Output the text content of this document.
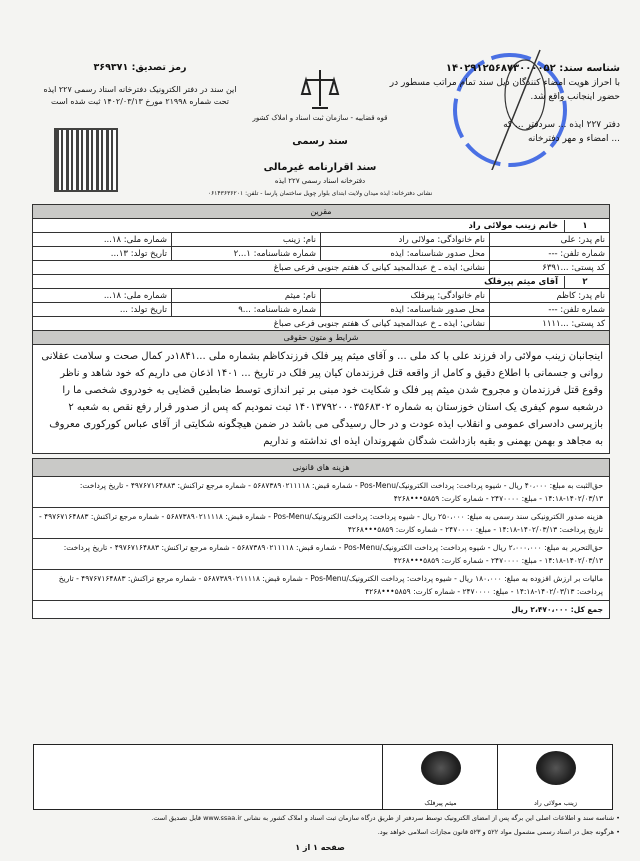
شناسه سند: ۱۴۰۲۹۱۲۵۶۸۷۳۰۰۰۰۵۲
با احراز هویت امضاء کنندگان ذیل سند تمام مراتب مسطور در حضور اینجانب واقع شد.
دفتر ۲۲۷ ایذه ... سردفتر ... که
... امضاء و مهر دفترخانه
رمز تصدیق: ۳۶۹۳۷۱
این سند در دفتر الکترونیک دفترخانه اسناد رسمی ۲۲۷ ایذه تحت شماره ۲۱۹۹۸ مورخ ۱۴۰۲/۰۳/۱۳ ثبت شده است
قوه قضاییه - سازمان ثبت اسناد و املاک کشور
سند رسمی
سند اقرارنامه غیرمالی
دفترخانه اسناد رسمی ۲۲۷ ایذه
نشانی دفترخانه: ایذه میدان ولایت ابتدای بلوار چویل ساختمان پارسا - تلفن: ۰۶۱۴۳۶۳۶۲۰۱
مقرین			
۱خانم زینب مولائی راد			
شماره ملی: ۱۸...	نام: زینب	نام خانوادگی: مولائی راد	نام پدر: علی
تاریخ تولد: ۱۳...	شماره شناسنامه: ۱...۲	محل صدور شناسنامه: ایذه	شماره تلفن: ---
نشانی: ایذه ـ خ عبدالمجید کیانی ک هفتم جنوبی فرعی صباغ			کد پستی: ...۶۳۹۱
۲آقای میثم پیرفلک			
شماره ملی: ۱۸...	نام: میثم	نام خانوادگی: پیرفلک	نام پدر: کاظم
تاریخ تولد: ...	شماره شناسنامه: ...۹	محل صدور شناسنامه: ایذه	شماره تلفن: ---
نشانی: ایذه ـ خ عبدالمجید کیانی ک هفتم جنوبی فرعی صباغ			کد پستی: ...۱۱۱۱
شرایط و متون حقوقی			
اینجانبان زینب مولائی راد فرزند علی با کد ملی ... و آقای میثم پیر فلک فرزندکاظم بشماره ملی ...۱۸۴۱در کمال صحت و سلامت عقلانی روانی و جسمانی با اطلاع دقیق و کامل از واقعه قتل فرزندمان کیان پیر فلک در تاریخ ... ۱۴۰۱ اذعان می داریم که خود شاهد و ناظر وقوع قتل فرزندمان و مجروح شدن میثم پیر فلک و شکایت خود مبنی بر تیر اندازی توسط ضابطین قضایی به خودروی شخصی ما را درشعبه سوم کیفری یک استان خوزستان به شماره ۱۴۰۱۳۷۹۲۰۰۰۳۵۶۸۳۰۲ ثبت نمودیم که پس از صدور قرار رفع نقص به شعبه ۲ بازپرسی دادسرای عمومی و انقلاب ایذه عودت و در حال رسیدگی می باشد در ضمن هیچگونه شکایتی از آقای عباس کورکوری معروف به مجاهد و بهمن بهمنی و بقیه بازداشت شدگان شهروندان ایذه ای نداشته و نداریم
هزینه های قانونی
حق‌الثبت به مبلغ: ۴۰،۰۰۰ ریال - شیوه پرداخت: پرداخت الکترونیک/Pos-Menu - شماره قبض: ۵۶۸۷۳۸۹۰۲۱۱۱۱۸ - شماره مرجع تراکنش: ۴۹۷۶۷۱۶۴۸۸۳ - تاریخ پرداخت: ۱۴۰۲/۰۳/۱۳-۱۴:۱۸ - مبلغ: ۲۴۷۰۰۰۰ - شماره کارت: ۵۸۵۹•••۴۲۶۸
هزینه صدور الکترونیکی سند رسمی به مبلغ: ۲۵۰،۰۰۰ ریال - شیوه پرداخت: پرداخت الکترونیک/Pos-Menu - شماره قبض: ۵۶۸۷۳۸۹۰۲۱۱۱۱۸ - شماره مرجع تراکنش: ۴۹۷۶۷۱۶۴۸۸۳ - تاریخ پرداخت: ۱۴۰۲/۰۳/۱۳-۱۴:۱۸ - مبلغ: ۲۴۷۰۰۰۰ - شماره کارت: ۵۸۵۹•••۴۲۶۸
حق‌التحریر به مبلغ: ۲،۰۰۰،۰۰۰ ریال - شیوه پرداخت: پرداخت الکترونیک/Pos-Menu - شماره قبض: ۵۶۸۷۳۸۹۰۲۱۱۱۱۸ - شماره مرجع تراکنش: ۴۹۷۶۷۱۶۴۸۸۳ - تاریخ پرداخت: ۱۴۰۲/۰۳/۱۳-۱۴:۱۸ - مبلغ: ۲۴۷۰۰۰۰ - شماره کارت: ۵۸۵۹•••۴۲۶۸
مالیات بر ارزش افزوده به مبلغ: ۱۸۰،۰۰۰ ریال - شیوه پرداخت: پرداخت الکترونیک/Pos-Menu - شماره قبض: ۵۶۸۷۳۸۹۰۲۱۱۱۱۸ - شماره مرجع تراکنش: ۴۹۷۶۷۱۶۴۸۸۳ - تاریخ پرداخت: ۱۴۰۲/۰۳/۱۳-۱۴:۱۸ - مبلغ: ۲۴۷۰۰۰۰ - شماره کارت: ۵۸۵۹•••۴۲۶۸
جمع کل: ۲،۴۷۰،۰۰۰ ریال
زینب مولائی راد
میثم پیرفلک
• شناسه سند و اطلاعات اصلی این برگه پس از امضای الکترونیک توسط سردفتر از طریق درگاه سازمان ثبت اسناد و املاک کشور به نشانی www.ssaa.ir قابل تصدیق است.
• هرگونه جعل در اسناد رسمی مشمول مواد ۵۲۲ و ۵۲۳ قانون مجازات اسلامی خواهد بود.
صفحه ۱ از ۱
